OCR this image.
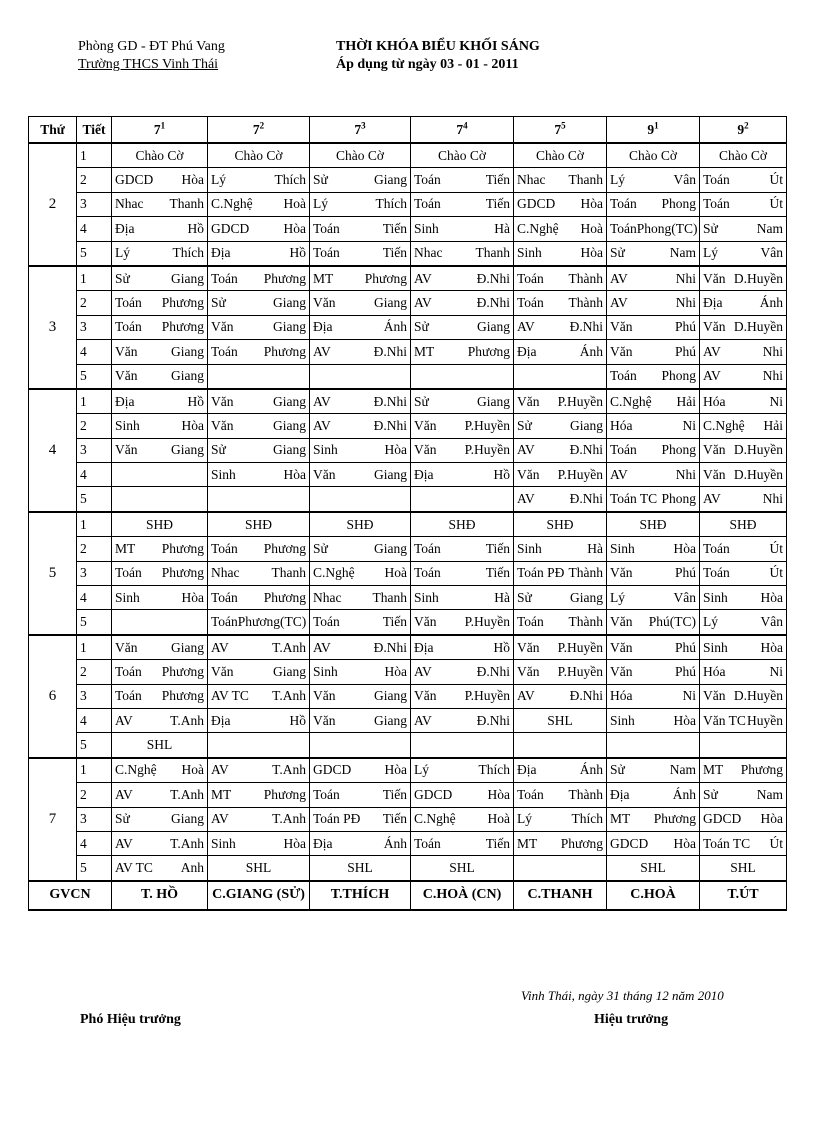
Phòng GD - ĐT Phú Vang
Trường THCS Vinh Thái
THỜI KHÓA BIỂU KHỐI SÁNG
Áp dụng từ ngày 03 - 01 - 2011
Thứ	Tiết	$7^1$	$7^2$	$7^3$	$7^4$	$7^5$	$9^1$	$9^2$
2	1	Chào Cờ	Chào Cờ	Chào Cờ	Chào Cờ	Chào Cờ	Chào Cờ	Chào Cờ

	2	GDCD Hòa	Lý Thích	Sử Giang	Toán Tiến	Nhac Thanh	Lý Vân	Toán Út

	3	Nhac Thanh	C.Nghệ Hoà	Lý Thích	Toán Tiến	GDCD Hòa	Toán Phong	Toán Út

	4	Địa Hồ	GDCD Hòa	Toán Tiến	Sinh Hà	C.Nghệ Hoà	Toán Phong(TC)	Sử Nam

	5	Lý Thích	Địa Hồ	Toán Tiến	Nhac Thanh	Sinh Hòa	Sử Nam	Lý Vân

3	1	Sử Giang	Toán Phương	MT Phương	AV Đ.Nhi	Toán Thành	AV Nhi	Văn D.Huyền

	2	Toán Phương	Sử Giang	Văn Giang	AV Đ.Nhi	Toán Thành	AV Nhi	Địa Ánh

	3	Toán Phương	Văn Giang	Địa Ánh	Sử Giang	AV Đ.Nhi	Văn Phú	Văn D.Huyền

	4	Văn Giang	Toán Phương	AV Đ.Nhi	MT Phương	Địa Ánh	Văn Phú	AV Nhi

	5	Văn Giang					Toán Phong	AV Nhi

4	1	Địa Hồ	Văn Giang	AV Đ.Nhi	Sử Giang	Văn P.Huyền	C.Nghệ Hải	Hóa Ni

	2	Sinh Hòa	Văn Giang	AV Đ.Nhi	Văn P.Huyền	Sử Giang	Hóa Ni	C.Nghệ Hải

	3	Văn Giang	Sử Giang	Sinh Hòa	Văn P.Huyền	AV Đ.Nhi	Toán Phong	Văn D.Huyền

	4		Sinh Hòa	Văn Giang	Địa Hồ	Văn P.Huyền	AV Nhi	Văn D.Huyền

	5					AV Đ.Nhi	Toán TC Phong	AV Nhi

5	1	SHĐ	SHĐ	SHĐ	SHĐ	SHĐ	SHĐ	SHĐ

	2	MT Phương	Toán Phương	Sử Giang	Toán Tiến	Sinh Hà	Sinh Hòa	Toán Út

	3	Toán Phương	Nhac Thanh	C.Nghệ Hoà	Toán Tiến	Toán PĐ Thành	Văn Phú	Toán Út

	4	Sinh Hòa	Toán Phương	Nhac Thanh	Sinh Hà	Sử Giang	Lý Vân	Sinh Hòa

	5		Toán Phương(TC)	Toán Tiến	Văn P.Huyền	Toán Thành	Văn Phú(TC)	Lý Vân

6	1	Văn Giang	AV T.Anh	AV Đ.Nhi	Địa Hồ	Văn P.Huyền	Văn Phú	Sinh Hòa

	2	Toán Phương	Văn Giang	Sinh Hòa	AV Đ.Nhi	Văn P.Huyền	Văn Phú	Hóa Ni

	3	Toán Phương	AV TC T.Anh	Văn Giang	Văn P.Huyền	AV Đ.Nhi	Hóa Ni	Văn D.Huyền

	4	AV T.Anh	Địa Hồ	Văn Giang	AV Đ.Nhi	SHL	Sinh Hòa	Văn TC Huyền

	5	SHL						

7	1	C.Nghệ Hoà	AV T.Anh	GDCD Hòa	Lý Thích	Địa Ánh	Sử Nam	MT Phương

	2	AV T.Anh	MT Phương	Toán Tiến	GDCD Hòa	Toán Thành	Địa Ánh	Sử Nam

	3	Sử Giang	AV T.Anh	Toán PĐ Tiến	C.Nghệ Hoà	Lý Thích	MT Phương	GDCD Hòa

	4	AV T.Anh	Sinh Hòa	Địa Ánh	Toán Tiến	MT Phương	GDCD Hòa	Toán TC Út

	5	AV TC Anh	SHL	SHL	SHL		SHL	SHL

GVCN		T. HỒ	C.GIANG (SỬ)	T.THÍCH	C.HOÀ (CN)	C.THANH	C.HOÀ	T.ÚT
Vinh Thái, ngày 31 tháng 12 năm 2010
Phó Hiệu trưởng	Hiệu trưởng
